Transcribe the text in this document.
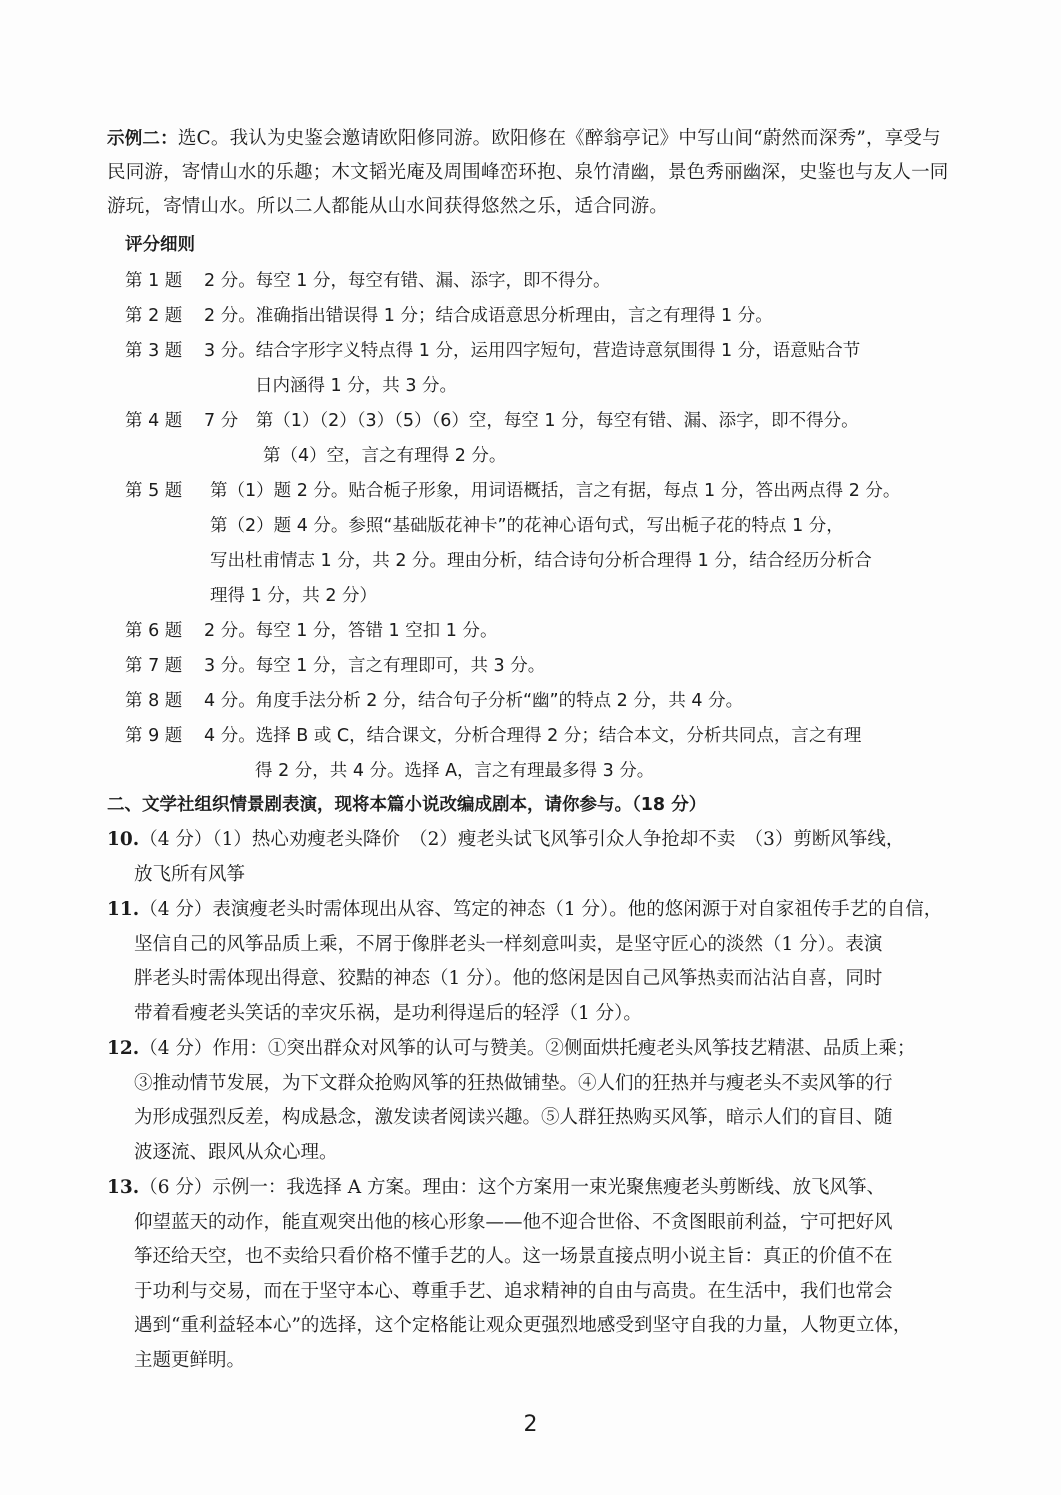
示例二：选C。我认为史鉴会邀请欧阳修同游。欧阳修在《醉翁亭记》中写山间“蔚然而深秀”，享受与民同游，寄情山水的乐趣；木文韬光庵及周围峰峦环抱、泉竹清幽，景色秀丽幽深，史鉴也与友人一同游玩，寄情山水。所以二人都能从山水间获得悠然之乐，适合同游。

评分细则

第 1 题 2 分。每空 1 分，每空有错、漏、添字，即不得分。
第 2 题 2 分。准确指出错误得 1 分；结合成语意思分析理由，言之有理得 1 分。
第 3 题 3 分。结合字形字义特点得 1 分，运用四字短句，营造诗意氛围得 1 分，语意贴合节
日内涵得 1 分，共 3 分。
第 4 题 7 分　第（1）（2）（3）（5）（6）空，每空 1 分，每空有错、漏、添字，即不得分。
第（4）空，言之有理得 2 分。
第 5 题 第（1）题 2 分。贴合栀子形象，用词语概括，言之有据，每点 1 分，答出两点得 2 分。
第（2）题 4 分。参照“基础版花神卡”的花神心语句式，写出栀子花的特点 1 分，
写出杜甫情志 1 分，共 2 分。理由分析，结合诗句分析合理得 1 分，结合经历分析合
理得 1 分，共 2 分）
第 6 题 2 分。每空 1 分，答错 1 空扣 1 分。
第 7 题 3 分。每空 1 分，言之有理即可，共 3 分。
第 8 题 4 分。角度手法分析 2 分，结合句子分析“幽”的特点 2 分，共 4 分。
第 9 题 4 分。选择 B 或 C，结合课文，分析合理得 2 分；结合本文，分析共同点，言之有理
得 2 分，共 4 分。选择 A，言之有理最多得 3 分。
二、文学社组织情景剧表演，现将本篇小说改编成剧本，请你参与。（18 分）
10.（4 分）（1）热心劝瘦老头降价　（2）瘦老头试飞风筝引众人争抢却不卖　（3）剪断风筝线，
放飞所有风筝
11.（4 分）表演瘦老头时需体现出从容、笃定的神态（1 分）。他的悠闲源于对自家祖传手艺的自信，
坚信自己的风筝品质上乘，不屑于像胖老头一样刻意叫卖，是坚守匠心的淡然（1 分）。表演
胖老头时需体现出得意、狡黠的神态（1 分）。他的悠闲是因自己风筝热卖而沾沾自喜，同时
带着看瘦老头笑话的幸灾乐祸，是功利得逞后的轻浮（1 分）。
12.（4 分）作用：①突出群众对风筝的认可与赞美。②侧面烘托瘦老头风筝技艺精湛、品质上乘；
③推动情节发展，为下文群众抢购风筝的狂热做铺垫。④人们的狂热并与瘦老头不卖风筝的行
为形成强烈反差，构成悬念，激发读者阅读兴趣。⑤人群狂热购买风筝，暗示人们的盲目、随
波逐流、跟风从众心理。
13.（6 分）示例一：我选择 A 方案。理由：这个方案用一束光聚焦瘦老头剪断线、放飞风筝、
仰望蓝天的动作，能直观突出他的核心形象——他不迎合世俗、不贪图眼前利益，宁可把好风
筝还给天空，也不卖给只看价格不懂手艺的人。这一场景直接点明小说主旨：真正的价值不在
于功利与交易，而在于坚守本心、尊重手艺、追求精神的自由与高贵。在生活中，我们也常会
遇到“重利益轻本心”的选择，这个定格能让观众更强烈地感受到坚守自我的力量，人物更立体，
主题更鲜明。
2
